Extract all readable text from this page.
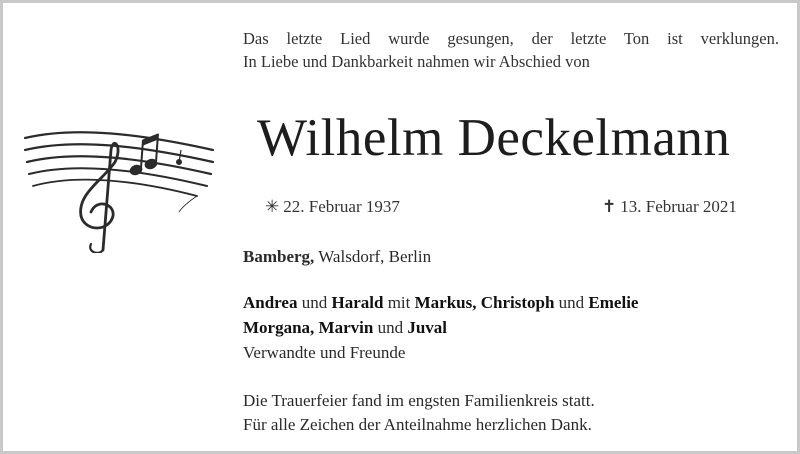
Das letzte Lied wurde gesungen, der letzte Ton ist verklungen.
In Liebe und Dankbarkeit nahmen wir Abschied von
Wilhelm Deckelmann
✳ 22. Februar 1937	✝ 13. Februar 2021
Bamberg, Walsdorf, Berlin
Andrea und Harald mit Markus, Christoph und Emelie
Morgana, Marvin und Juval
Verwandte und Freunde
Die Trauerfeier fand im engsten Familienkreis statt.
Für alle Zeichen der Anteilnahme herzlichen Dank.
